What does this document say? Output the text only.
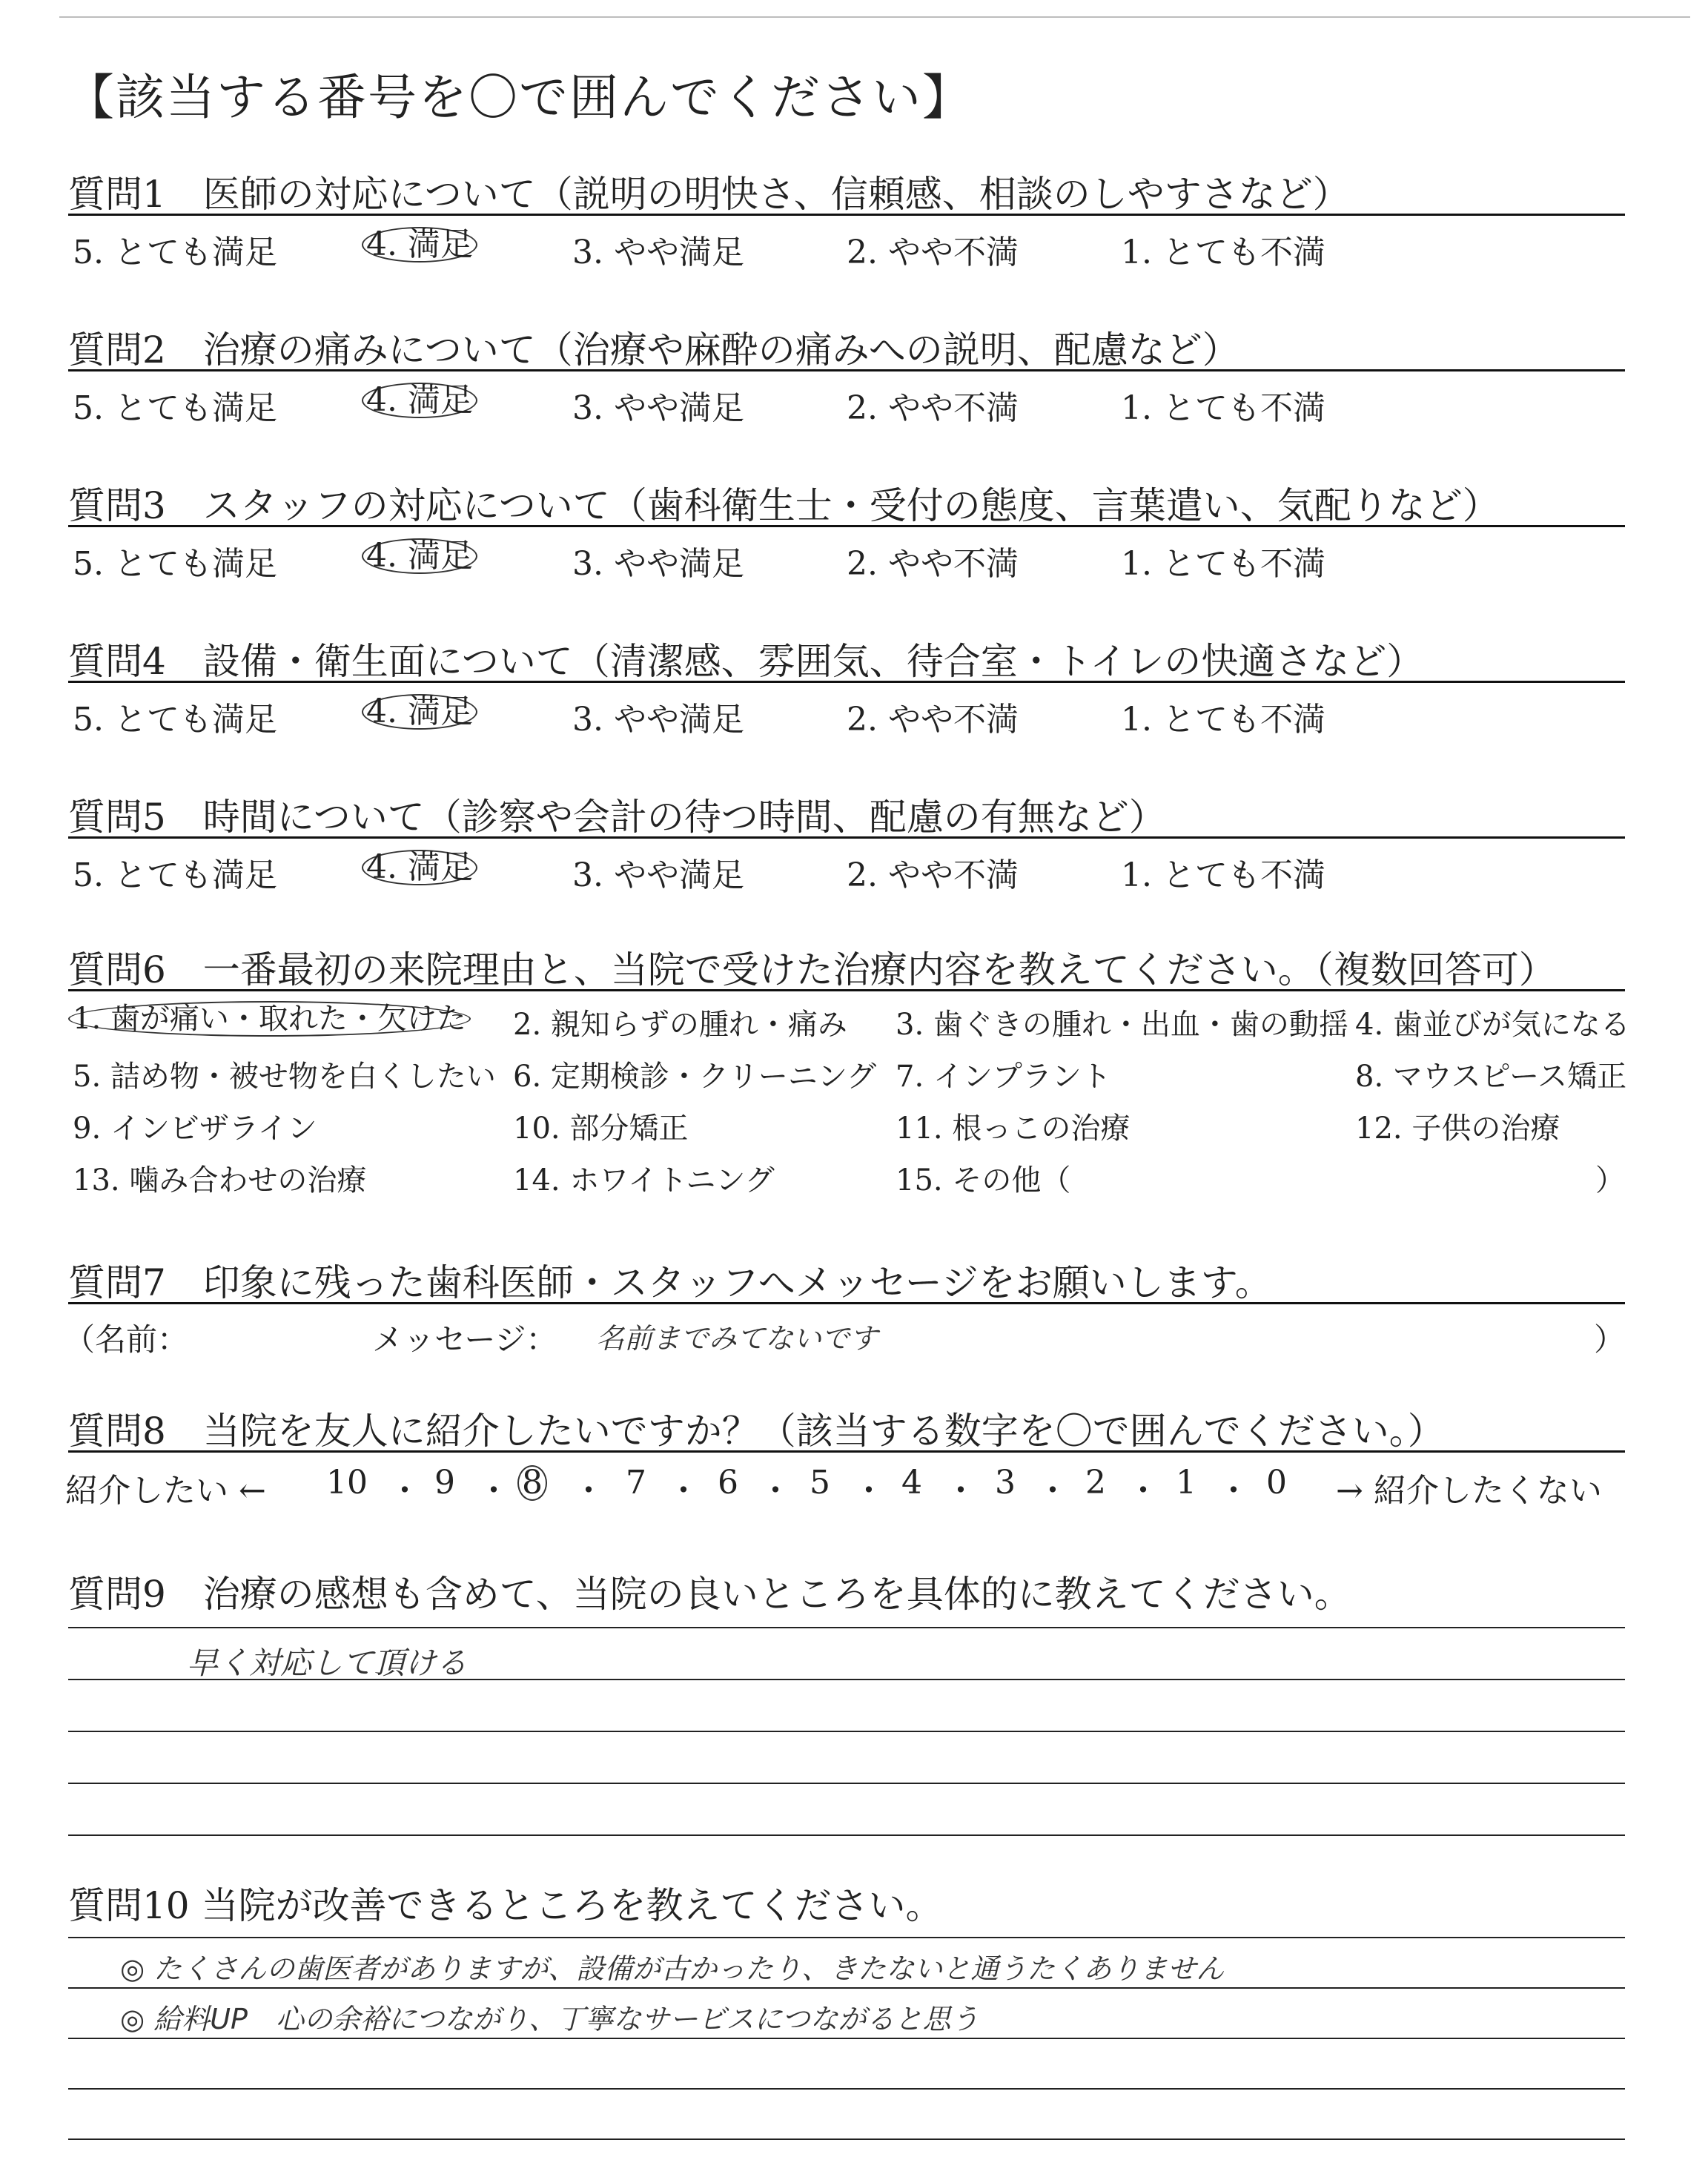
【該当する番号を〇で囲んでください】
質問1　医師の対応について（説明の明快さ、信頼感、相談のしやすさなど）
5. とても満足	4. 満足	3. やや満足	2. やや不満	1. とても不満
質問2　治療の痛みについて（治療や麻酔の痛みへの説明、配慮など）
5. とても満足	4. 満足	3. やや満足	2. やや不満	1. とても不満
質問3　スタッフの対応について（歯科衛生士・受付の態度、言葉遣い、気配りなど）
5. とても満足	4. 満足	3. やや満足	2. やや不満	1. とても不満
質問4　設備・衛生面について（清潔感、雰囲気、待合室・トイレの快適さなど）
5. とても満足	4. 満足	3. やや満足	2. やや不満	1. とても不満
質問5　時間について（診察や会計の待つ時間、配慮の有無など）
5. とても満足	4. 満足	3. やや満足	2. やや不満	1. とても不満
質問6　一番最初の来院理由と、当院で受けた治療内容を教えてください。（複数回答可）
1. 歯が痛い・取れた・欠けた 2. 親知らずの腫れ・痛み 3. 歯ぐきの腫れ・出血・歯の動揺 4. 歯並びが気になる
5. 詰め物・被せ物を白くしたい 6. 定期検診・クリーニング 7. インプラント	8. マウスピース矯正
9. インビザライン	10. 部分矯正	11. 根っこの治療	12. 子供の治療
13. 噛み合わせの治療	14. ホワイトニング	15. その他（	）
質問7　印象に残った歯科医師・スタッフへメッセージをお願いします。
（名前：	メッセージ： 名前までみてないです	）
質問8　当院を友人に紹介したいですか？（該当する数字を〇で囲んでください。）
紹介したい ← 10 ・ 9 ・ 8 ・ 7 ・ 6 ・ 5 ・ 4 ・ 3 ・ 2 ・ 1 ・ 0 → 紹介したくない
質問9　治療の感想も含めて、当院の良いところを具体的に教えてください。
早く対応して頂ける
質問10 当院が改善できるところを教えてください。
◎ たくさんの歯医者がありますが、設備が古かったり、きたないと通うたくありません
◎ 給料UP　心の余裕につながり、丁寧なサービスにつながると思う
